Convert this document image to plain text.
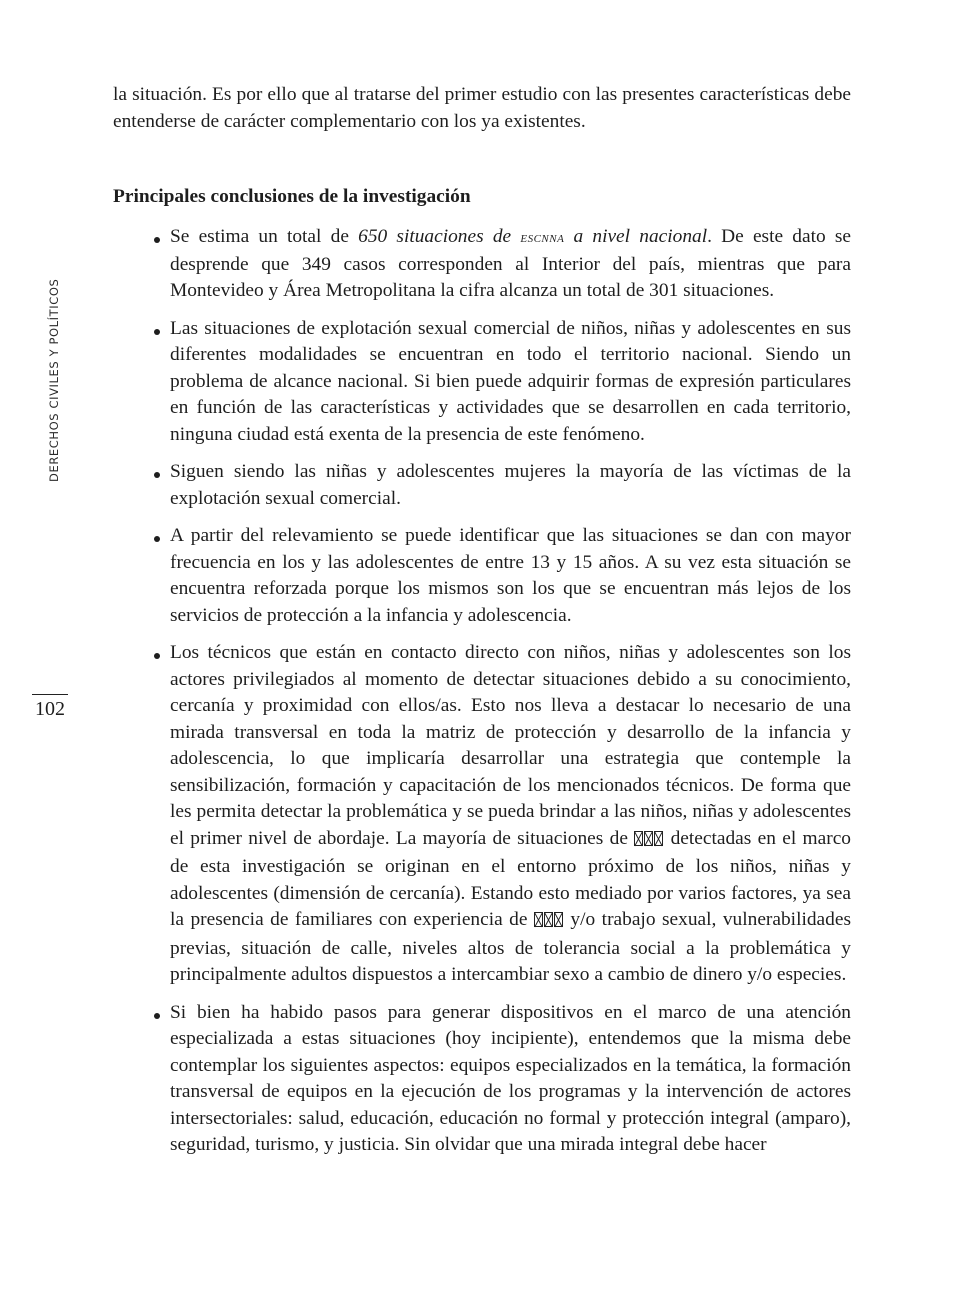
DERECHOS CIVILES Y POLÍTICOS
102

la situación. Es por ello que al tratarse del primer estudio con las presentes características debe entenderse de carácter complementario con los ya existentes.

Principales conclusiones de la investigación
Se estima un total de 650 situaciones de escnna a nivel nacional. De este dato se desprende que 349 casos corresponden al Interior del país, mientras que para Montevideo y Área Metropolitana la cifra alcanza un total de 301 situaciones.
Las situaciones de explotación sexual comercial de niños, niñas y adolescentes en sus diferentes modalidades se encuentran en todo el territorio nacional. Siendo un problema de alcance nacional. Si bien puede adquirir formas de expresión particulares en función de las características y actividades que se desarrollen en cada territorio, ninguna ciudad está exenta de la presencia de este fenómeno.
Siguen siendo las niñas y adolescentes mujeres la mayoría de las víctimas de la explotación sexual comercial.
A partir del relevamiento se puede identificar que las situaciones se dan con mayor frecuencia en los y las adolescentes de entre 13 y 15 años. A su vez esta situación se encuentra reforzada porque los mismos son los que se encuentran más lejos de los servicios de protección a la infancia y adolescencia.
Los técnicos que están en contacto directo con niños, niñas y adolescentes son los actores privilegiados al momento de detectar situaciones debido a su conocimiento, cercanía y proximidad con ellos/as. Esto nos lleva a destacar lo necesario de una mirada transversal en toda la matriz de protección y desarrollo de la infancia y adolescencia, lo que implicaría desarrollar una estrategia que contemple la sensibilización, formación y capacitación de los mencionados técnicos. De forma que les permita detectar la problemática y se pueda brindar a las niños, niñas y adolescentes el primer nivel de abordaje. La mayoría de situaciones de  detectadas en el marco de esta investigación se originan en el entorno próximo de los niños, niñas y adolescentes (dimensión de cercanía). Estando esto mediado por varios factores, ya sea la presencia de familiares con experiencia de  y/o trabajo sexual, vulnerabilidades previas, situación de calle, niveles altos de tolerancia social a la problemática y principalmente adultos dispuestos a intercambiar sexo a cambio de dinero y/o especies.
Si bien ha habido pasos para generar dispositivos en el marco de una atención especializada a estas situaciones (hoy incipiente), entendemos que la misma debe contemplar los siguientes aspectos: equipos especializados en la temática, la formación transversal de equipos en la ejecución de los programas y la intervención de actores intersectoriales: salud, educación, educación no formal y protección integral (amparo), seguridad, turismo, y justicia. Sin olvidar que una mirada integral debe hacer
